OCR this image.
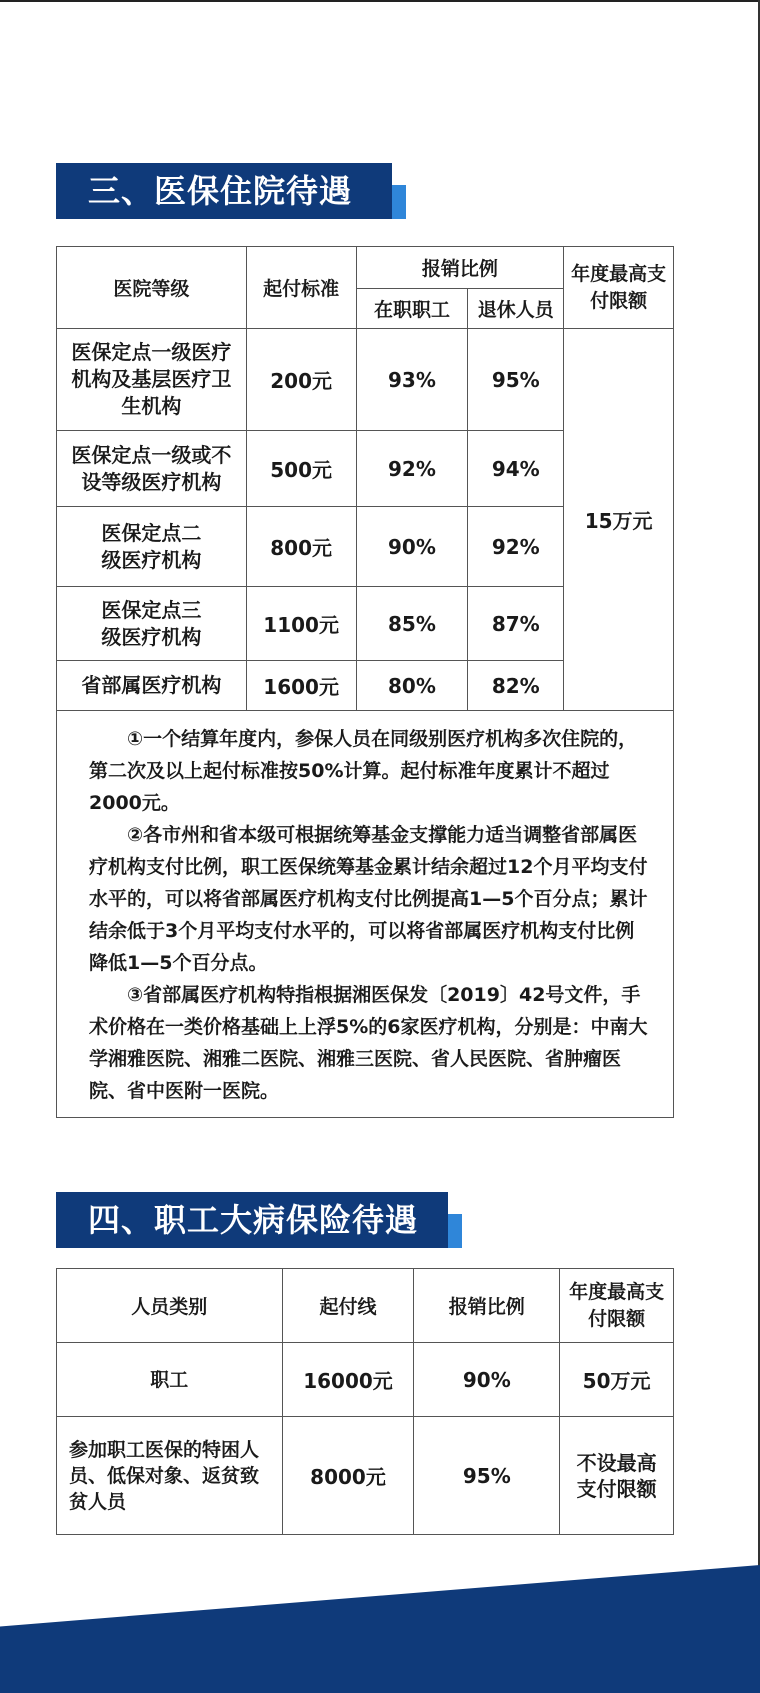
三、医保住院待遇
医院等级	起付标准	报销比例		年度最高支付限额
		在职职工	退休人员	
医保定点一级医疗机构及基层医疗卫生机构	200元	93%	95%	15万元
医保定点一级或不设等级医疗机构	500元	92%	94%	
医保定点二级医疗机构	800元	90%	92%	
医保定点三级医疗机构	1100元	85%	87%	
省部属医疗机构	1600元	80%	82%	

①一个结算年度内，参保人员在同级别医疗机构多次住院的，第二次及以上起付标准按50%计算。起付标准年度累计不超过2000元。

②各市州和省本级可根据统筹基金支撑能力适当调整省部属医疗机构支付比例，职工医保统筹基金累计结余超过12个月平均支付水平的，可以将省部属医疗机构支付比例提高1—5个百分点；累计结余低于3个月平均支付水平的，可以将省部属医疗机构支付比例降低1—5个百分点。

③省部属医疗机构特指根据湘医保发〔2019〕42号文件，手术价格在一类价格基础上上浮5%的6家医疗机构，分别是：中南大学湘雅医院、湘雅二医院、湘雅三医院、省人民医院、省肿瘤医院、省中医附一医院。				

四、职工大病保险待遇
人员类别	起付线	报销比例	年度最高支付限额
职工	16000元	90%	50万元
参加职工医保的特困人员、低保对象、返贫致贫人员	8000元	95%	不设最高支付限额
